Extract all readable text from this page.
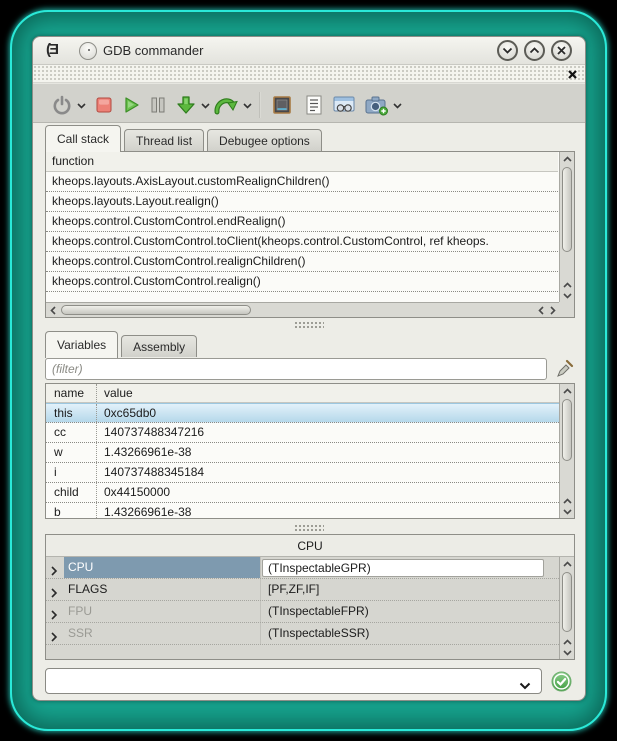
(Ǝ	GDB commander
Call stack	Thread list	Debugee options
function
kheops.layouts.AxisLayout.customRealignChildren()
kheops.layouts.Layout.realign()
kheops.control.CustomControl.endRealign()
kheops.control.CustomControl.toClient(kheops.control.CustomControl, ref kheops.
kheops.control.CustomControl.realignChildren()
kheops.control.CustomControl.realign()
Variables	Assembly
(filter)
name value
this	0xc65db0
cc	140737488347216
w	1.43266961e-38
i	140737488345184
child	0x44150000
b	1.43266961e-38
CPU
CPU	(TInspectableGPR)
FLAGS	[PF,ZF,IF]
FPU	(TInspectableFPR)
SSR	(TInspectableSSR)
